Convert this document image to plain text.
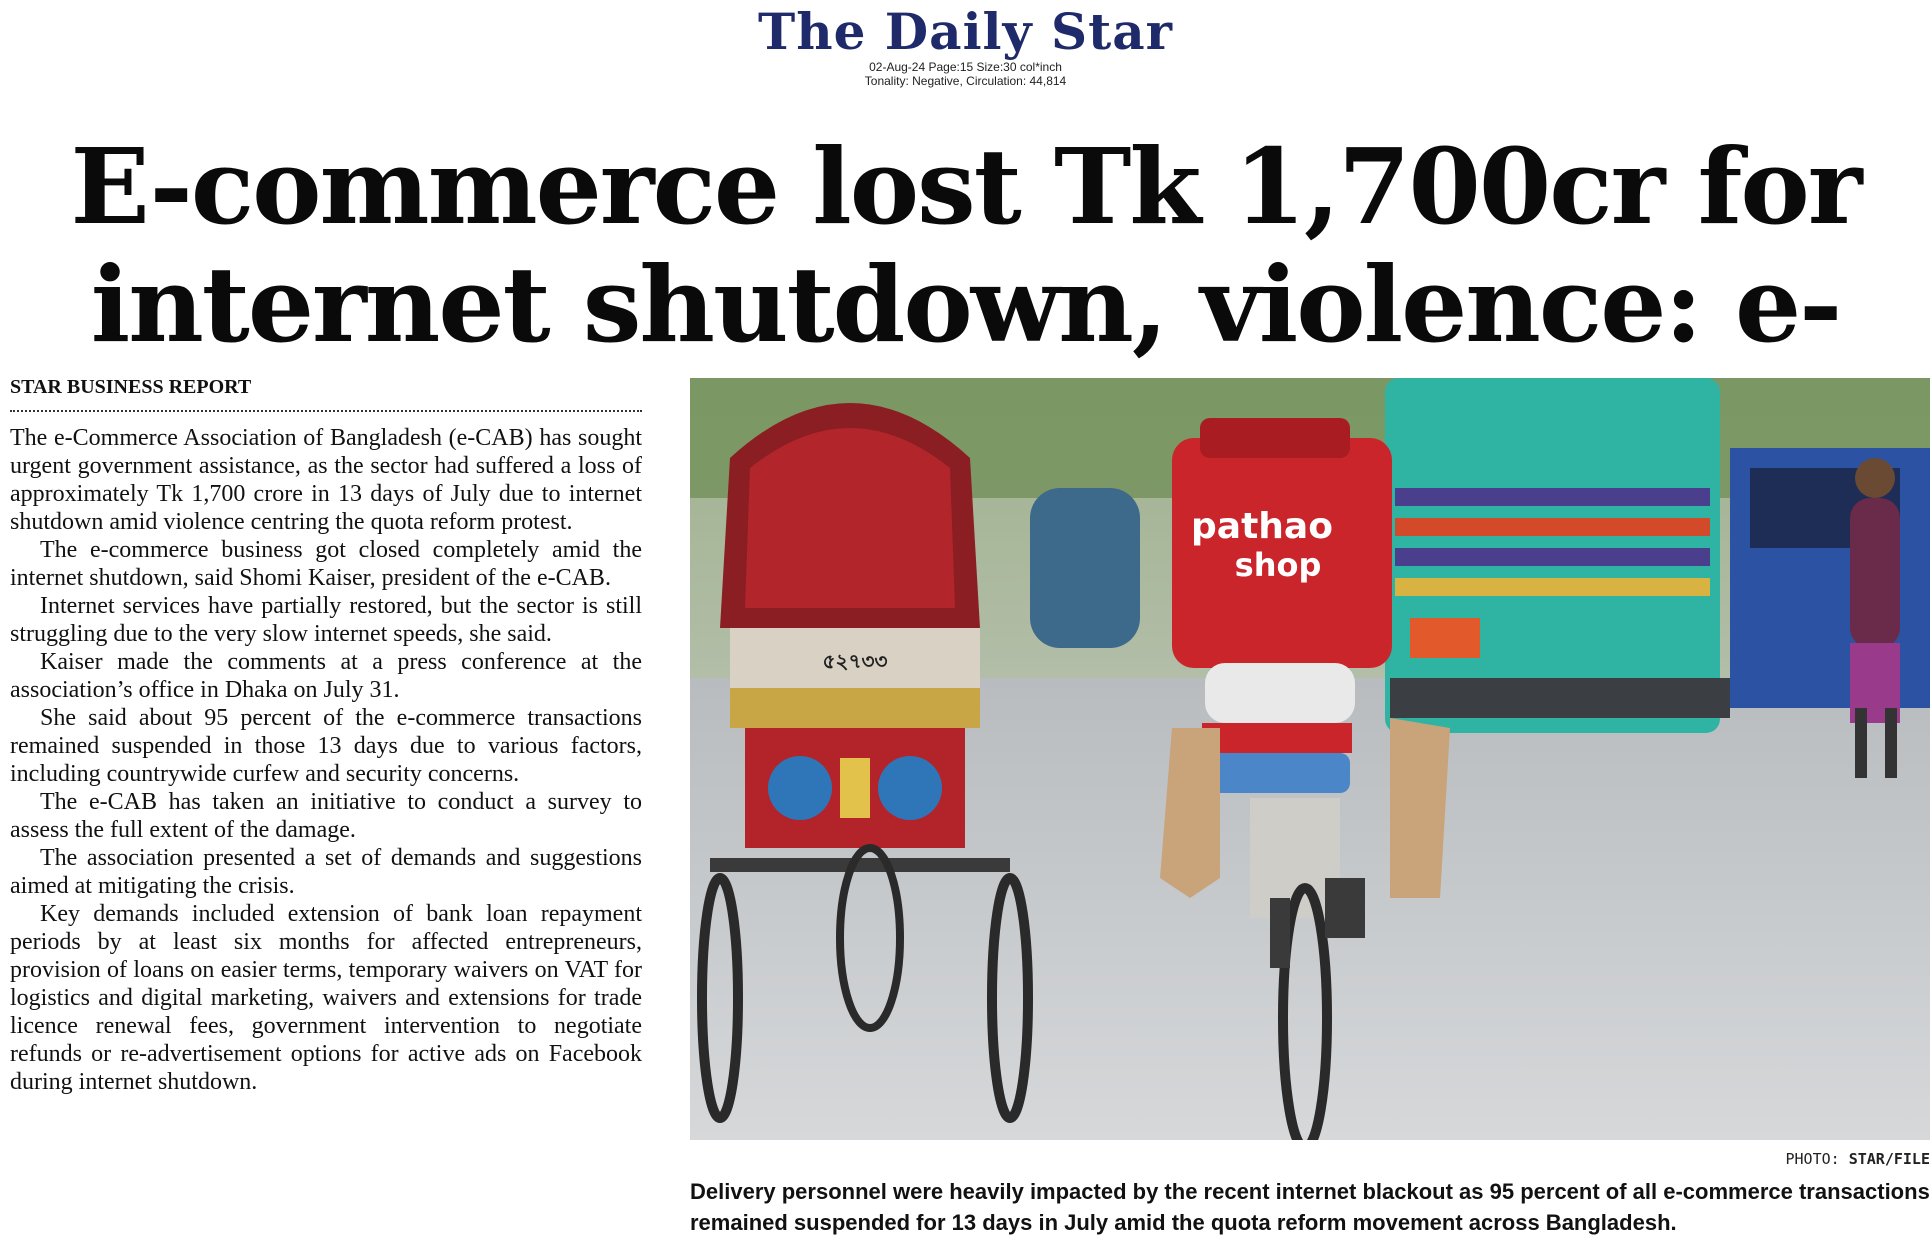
The Daily Star
02-Aug-24 Page:15 Size:30 col*inch
Tonality: Negative, Circulation: 44,814
E-commerce lost Tk 1,700cr for
internet shutdown, violence: e-
STAR BUSINESS REPORT

The e-Commerce Association of Bangladesh (e-CAB) has sought urgent government assistance, as the sector had suffered a loss of approximately Tk 1,700 crore in 13 days of July due to internet shutdown amid violence centring the quota reform protest.

The e-commerce business got closed completely amid the internet shutdown, said Shomi Kaiser, president of the e-CAB.

Internet services have partially restored, but the sector is still struggling due to the very slow internet speeds, she said.

Kaiser made the comments at a press conference at the association’s office in Dhaka on July 31.

She said about 95 percent of the e-commerce transactions remained suspended in those 13 days due to various factors, including countrywide curfew and security concerns.

The e-CAB has taken an initiative to conduct a survey to assess the full extent of the damage.

The association presented a set of demands and suggestions aimed at mitigating the crisis.

Key demands included extension of bank loan repayment periods by at least six months for affected entrepreneurs, provision of loans on easier terms, temporary waivers on VAT for logistics and digital marketing, waivers and extensions for trade licence renewal fees, government intervention to negotiate refunds or re-advertisement options for active ads on Facebook during internet shutdown.

৫২৭৩৩
pathao
shop
PHOTO: STAR/FILE
Delivery personnel were heavily impacted by the recent internet blackout as 95 percent of all e-commerce transactions remained suspended for 13 days in July amid the quota reform movement across Bangladesh.
